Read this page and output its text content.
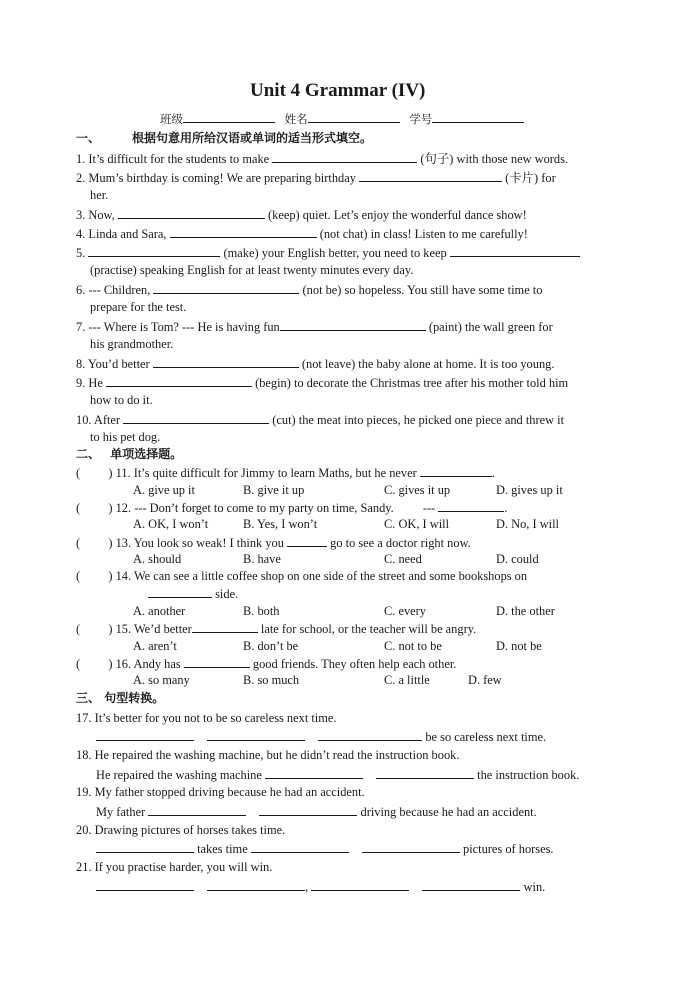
Unit 4 Grammar (IV)
班级	姓名	学号
一、	根据句意用所给汉语或单词的适当形式填空。
1. It’s difficult for the students to make	(句子) with those new words.
2. Mum’s birthday is coming! We are preparing birthday	(卡片) for
her.
3. Now,	(keep) quiet. Let’s enjoy the wonderful dance show!
4. Linda and Sara,	(not chat) in class! Listen to me carefully!
5.	(make) your English better, you need to keep
(practise) speaking English for at least twenty minutes every day.
6. --- Children,	(not be) so hopeless. You still have some time to
prepare for the test.
7. --- Where is Tom? --- He is having fun	(paint) the wall green for
his grandmother.
8. You’d better	(not leave) the baby alone at home. It is too young.
9. He	(begin) to decorate the Christmas tree after his mother told him
how to do it.
10. After	(cut) the meat into pieces, he picked one piece and threw it
to his pet dog.
二、 单项选择题。
( ) 11. It’s quite difficult for Jimmy to learn Maths, but he never	.
A. give up it	B. give it up	C. gives it up	D. gives up it
( ) 12. --- Don’t forget to come to my party on time, Sandy. ---	.
A. OK, I won’t	B. Yes, I won’t	C. OK, I will	D. No, I will
( ) 13. You look so weak! I think you	go to see a doctor right now.
A. should	B. have	C. need	D. could
( ) 14. We can see a little coffee shop on one side of the street and some bookshops on
side.
A. another	B. both	C. every	D. the other
( ) 15. We’d better	late for school, or the teacher will be angry.
A. aren’t	B. don’t be	C. not to be	D. not be
( ) 16. Andy has	good friends. They often help each other.
A. so many	B. so much	C. a little	D. few
三、 句型转换。
17. It’s better for you not to be so careless next time.
be so careless next time.
18. He repaired the washing machine, but he didn’t read the instruction book.
He repaired the washing machine	the instruction book.
19. My father stopped driving because he had an accident.
My father	driving because he had an accident.
20. Drawing pictures of horses takes time.
takes time	pictures of horses.
21. If you practise harder, you will win.
,	win.
